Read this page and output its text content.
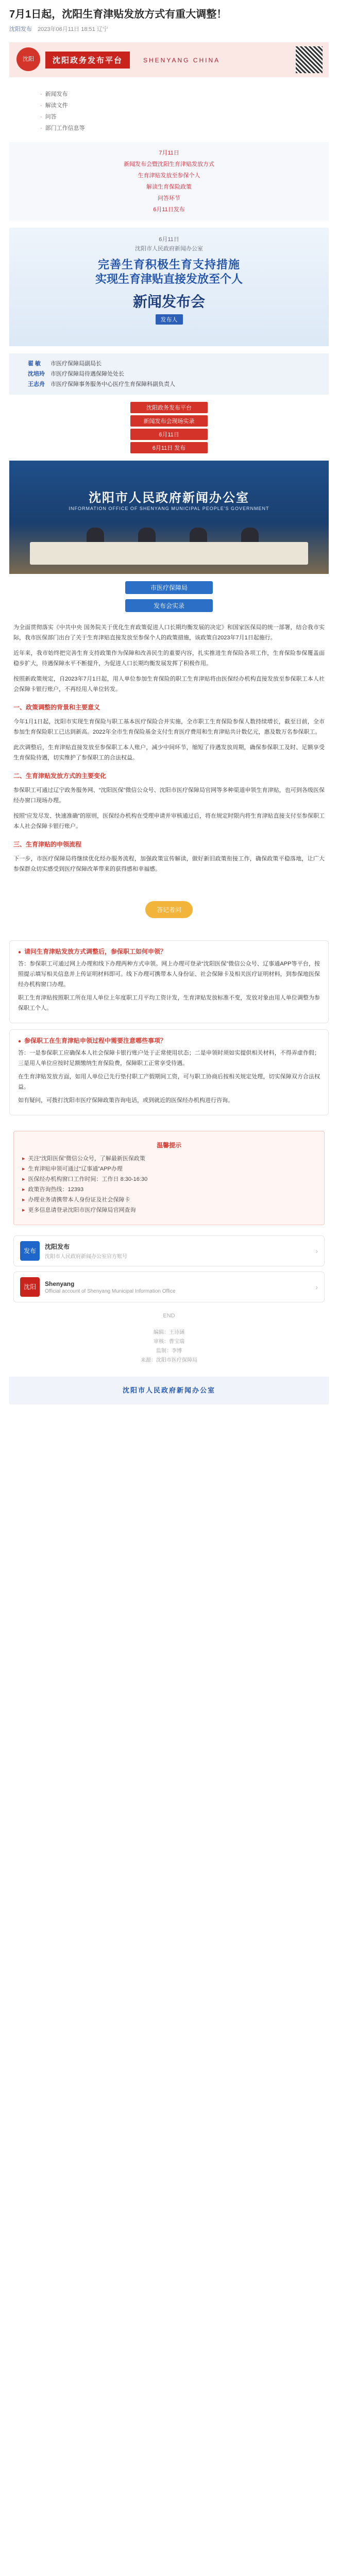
7月1日起，沈阳生育津贴发放方式有重大调整！
沈阳发布 2023年06月11日 18:51 辽宁
沈阳	沈阳政务发布平台	SHENYANG CHINA
· 新闻发布
· 解读文件
· 问答
· 部门工作信息等
7月11日
新闻发布会暨沈阳生育津贴发放方式
生育津贴发放至参保个人
解读生育保险政策
问答环节
6月11日发布
6月11日
沈阳市人民政府新闻办公室
完善生育积极生育支持措施
实现生育津贴直接发放至个人
新闻发布会
发布人
翟 敏 市医疗保障局副局长
沈培玲 市医疗保障局待遇保障处处长
王志舟 市医疗保障事务服务中心医疗生育保障科副负责人
沈阳政务发布平台
新闻发布会现场实录
6月11日
6月11日 发布
沈阳市人民政府新闻办公室
INFORMATION OFFICE OF SHENYANG MUNICIPAL PEOPLE'S GOVERNMENT
市医疗保障局
发布会实录

为全面贯彻落实《中共中央 国务院关于优化生育政策促进人口长期均衡发展的决定》和国家医保局的统一部署，结合我市实际，我市医保部门出台了关于生育津贴直接发放至参保个人的政策措施，该政策自2023年7月1日起施行。

近年来，我市始终把完善生育支持政策作为保障和改善民生的重要内容，扎实推进生育保险各项工作，生育保险参保覆盖面稳步扩大，待遇保障水平不断提升，为促进人口长期均衡发展发挥了积极作用。

按照新政策规定，自2023年7月1日起，用人单位参加生育保险的职工生育津贴将由医保经办机构直接发放至参保职工本人社会保障卡银行账户，不再经用人单位转发。

一、政策调整的背景和主要意义

今年1月1日起，沈阳市实现生育保险与职工基本医疗保险合并实施，全市职工生育保险参保人数持续增长，截至目前，全市参加生育保险职工已达到新高。2022年全市生育保险基金支付生育医疗费用和生育津贴共计数亿元，惠及数万名参保职工。

此次调整后，生育津贴直接发放至参保职工本人账户，减少中间环节，缩短了待遇发放周期，确保参保职工及时、足额享受生育保险待遇，切实维护了参保职工的合法权益。

二、生育津贴发放方式的主要变化

参保职工可通过辽宁政务服务网、“沈阳医保”微信公众号、沈阳市医疗保障局官网等多种渠道申领生育津贴，也可到各级医保经办窗口现场办理。

按照“应发尽发、快速准确”的原则，医保经办机构在受理申请并审核通过后，将在规定时限内将生育津贴直接支付至参保职工本人社会保障卡银行账户。

三、生育津贴的申领流程

下一步，市医疗保障局将继续优化经办服务流程，加强政策宣传解读，做好新旧政策衔接工作，确保政策平稳落地，让广大参保群众切实感受到医疗保障改革带来的获得感和幸福感。

答记者问
● 请问生育津贴发放方式调整后，参保职工如何申领？

答：参保职工可通过网上办理和线下办理两种方式申领。网上办理可登录“沈阳医保”微信公众号、辽事通APP等平台，按照提示填写相关信息并上传证明材料即可。线下办理可携带本人身份证、社会保障卡及相关医疗证明材料，到参保地医保经办机构窗口办理。

职工生育津贴按照职工所在用人单位上年度职工月平均工资计发，生育津贴发放标准不变，发放对象由用人单位调整为参保职工个人。

● 参保职工在生育津贴申领过程中需要注意哪些事项？

答：一是参保职工应确保本人社会保障卡银行账户处于正常使用状态；二是申领时须如实提供相关材料，不得弄虚作假；三是用人单位应按时足额缴纳生育保险费，保障职工正常享受待遇。

在生育津贴发放方面，如用人单位已先行垫付职工产假期间工资，可与职工协商后按相关规定处理，切实保障双方合法权益。

如有疑问，可拨打沈阳市医疗保障政策咨询电话，或到就近的医保经办机构进行咨询。

温馨提示
▸ 关注“沈阳医保”微信公众号，了解最新医保政策
▸ 生育津贴申领可通过“辽事通”APP办理
▸ 医保经办机构窗口工作时间：工作日 8:30-16:30
▸ 政策咨询热线：12393
▸ 办理业务请携带本人身份证及社会保障卡
▸ 更多信息请登录沈阳市医疗保障局官网查询
发布
沈阳发布
沈阳市人民政府新闻办公室官方账号
›
沈阳	Shenyang
Official account of Shenyang Municipal Information Office	›
END
编辑：王诗涵
审核：曹宝瑞
监制：李博
来源：沈阳市医疗保障局
沈阳市人民政府新闻办公室
